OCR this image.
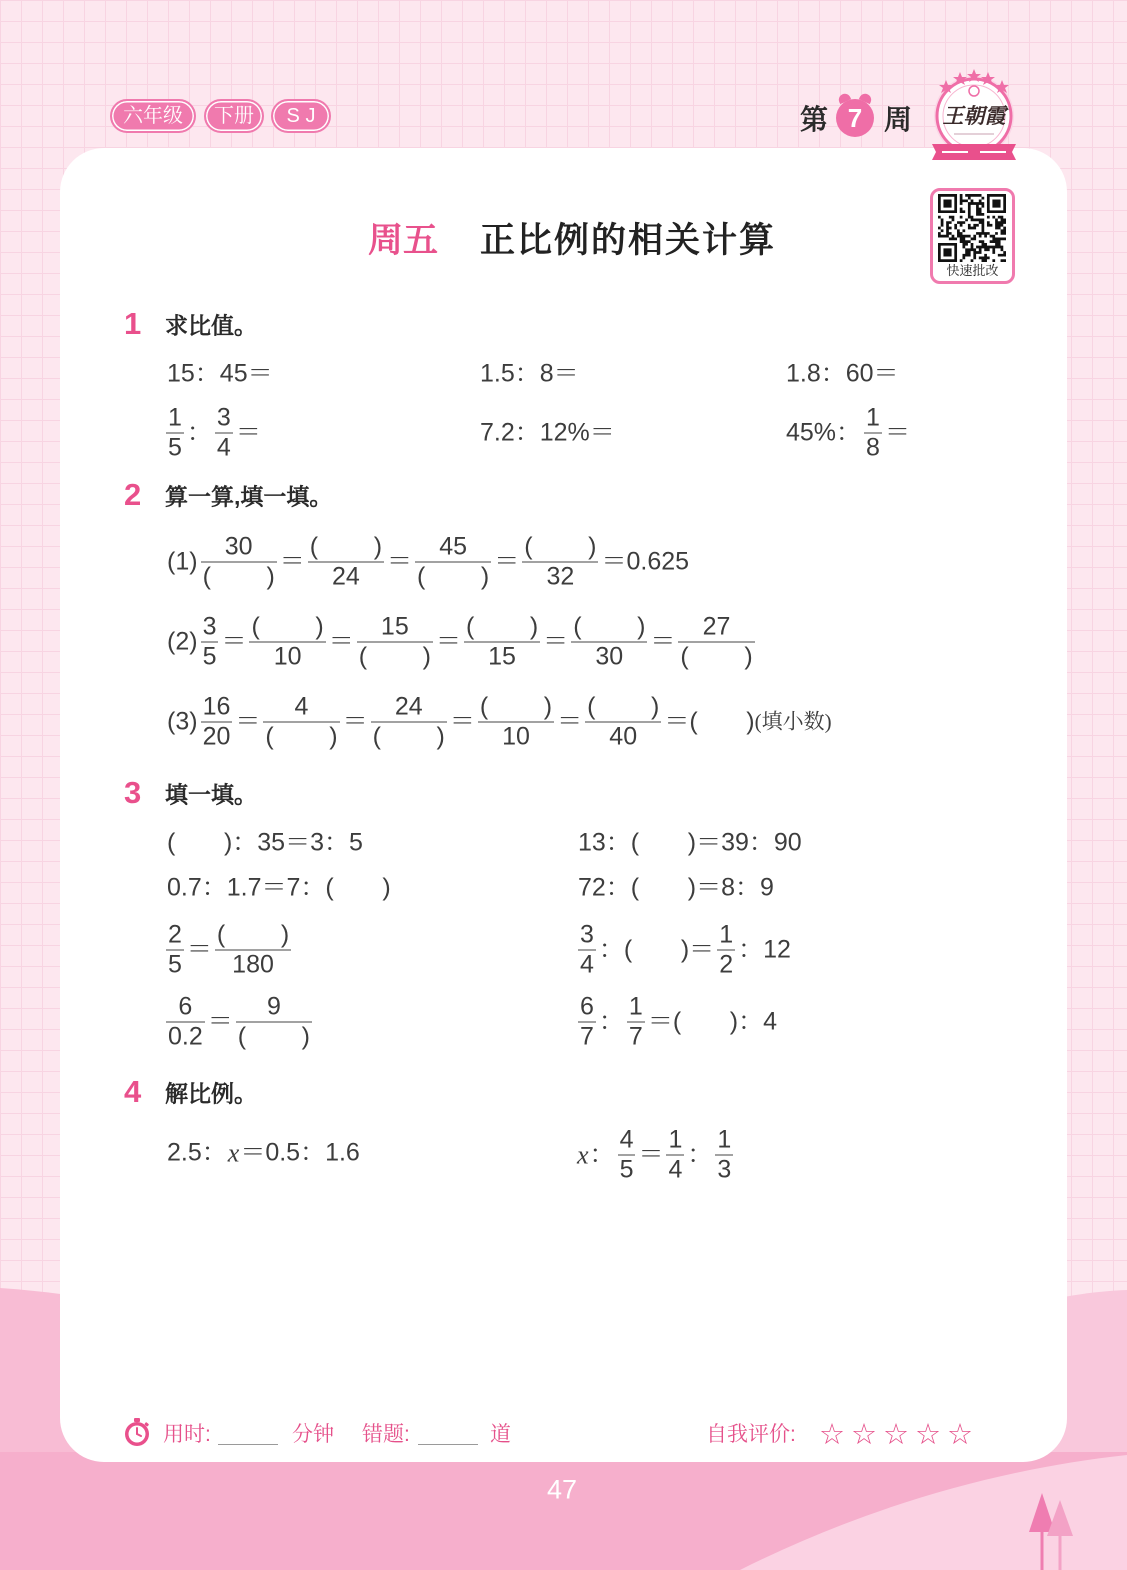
六年级	下册	S J	第 7 周	王朝霞
快速批改
周五 正比例的相关计算
1 求比值。
15：45＝	1.5：8＝	1.8：60＝
$\frac{1}{5}$ ： $\frac{3}{4}$ ＝	7.2：12%＝	45%： $\frac{1}{8}$ ＝
2 算一算,填一填。
$(1) \frac{30}{( )} = \frac{( )}{24} = \frac{45}{( )} = \frac{( )}{32} =0.625$
$(2) \frac{3}{5} = \frac{( )}{10} = \frac{15}{( )} = \frac{( )}{15} = \frac{( )}{30} = \frac{27}{( )}$
$(3) \frac{16}{20} = \frac{4}{( )} = \frac{24}{( )} = \frac{( )}{10} = \frac{( )}{40}$ ＝(       ) (填小数)
3 填一填。
(       )：35＝3：5	13：(       )＝39：90
0.7：1.7＝7：(       )	72：(       )＝8：9
$\frac{2}{5} = \frac{( )}{180}$	$\frac{3}{4}$ ：(       )＝ $\frac{1}{2}$ ：12
$\frac{6}{0.2} = \frac{9}{( )}$	$\frac{6}{7}$ ： $\frac{1}{7}$ ＝(       )：4
4 解比例。
2.5： x ＝0.5：1.6	x ： $\frac{4}{5} = \frac{1}{4}$ ： $\frac{1}{3}$
用时:	分钟 错题:	道	自我评价: ☆☆☆☆☆
47
